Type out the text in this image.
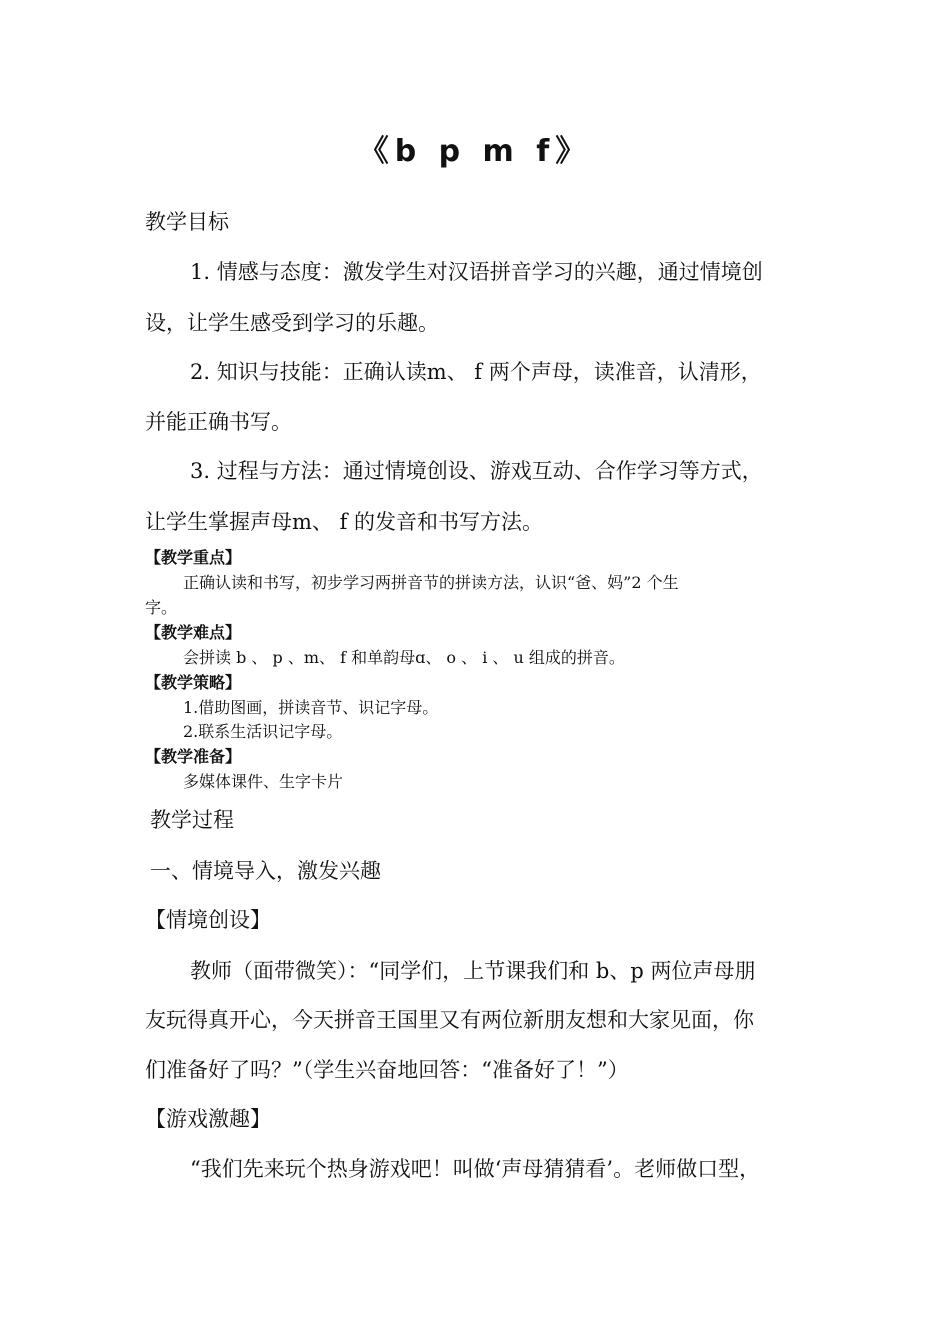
《b p m f》
教学目标
1. 情感与态度：激发学生对汉语拼音学习的兴趣，通过情境创
设，让学生感受到学习的乐趣。
2. 知识与技能：正确认读m、 f 两个声母，读准音，认清形，
并能正确书写。
3. 过程与方法：通过情境创设、游戏互动、合作学习等方式，
让学生掌握声母m、 f 的发音和书写方法。
【教学重点】
正确认读和书写，初步学习两拼音节的拼读方法，认识“爸、妈”2 个生
字。
【教学难点】
会拼读 b 、 p 、m、 f 和单韵母ɑ、 o 、 i 、 u 组成的拼音。
【教学策略】
1.借助图画，拼读音节、识记字母。
2.联系生活识记字母。
【教学准备】
多媒体课件、生字卡片
教学过程
一、情境导入，激发兴趣
【情境创设】
教师（面带微笑）：“同学们，上节课我们和 b、p 两位声母朋
友玩得真开心，今天拼音王国里又有两位新朋友想和大家见面，你
们准备好了吗？”（学生兴奋地回答：“准备好了！”）
【游戏激趣】
“我们先来玩个热身游戏吧！叫做‘声母猜猜看’。老师做口型，
